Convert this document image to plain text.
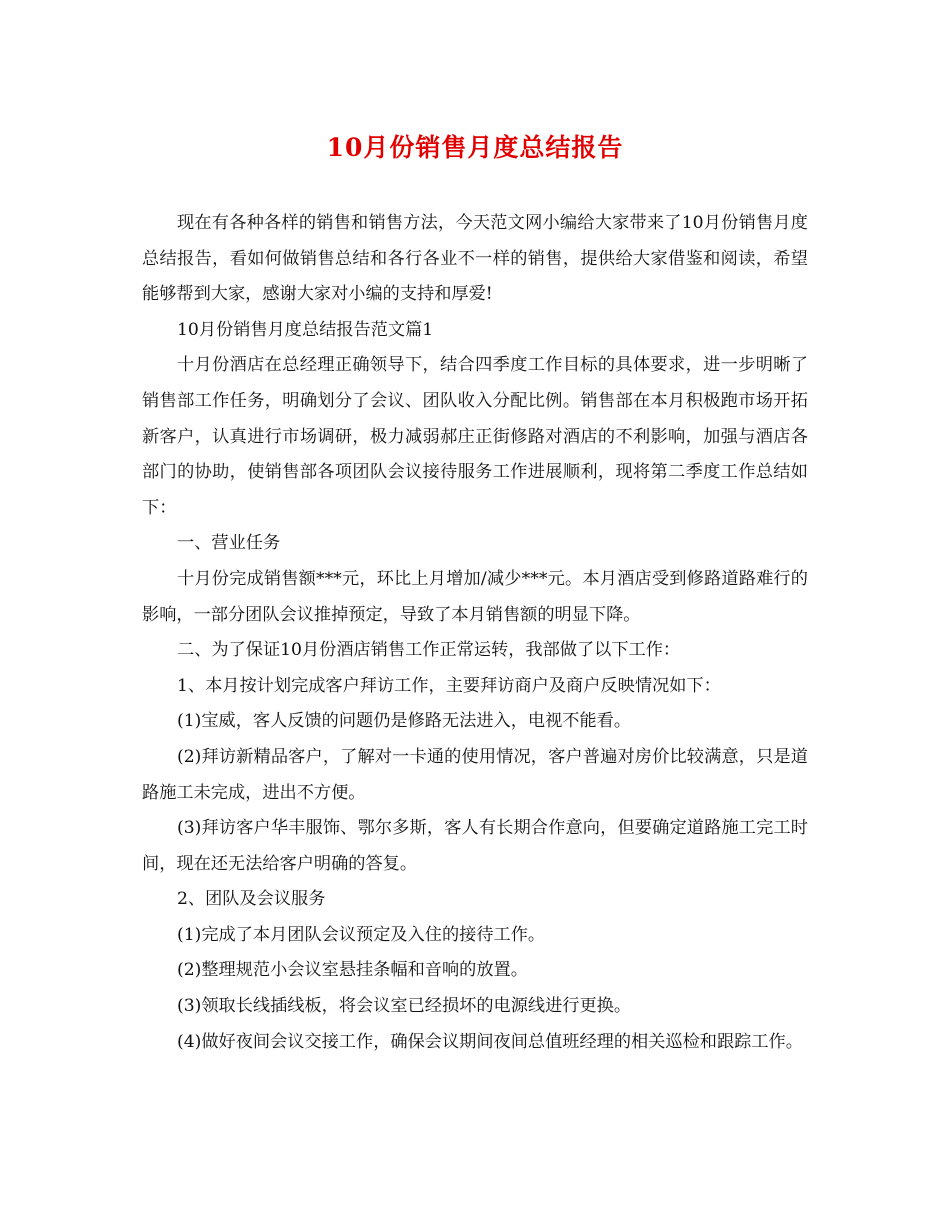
10月份销售月度总结报告

现在有各种各样的销售和销售方法，今天范文网小编给大家带来了10月份销售月度总结报告，看如何做销售总结和各行各业不一样的销售，提供给大家借鉴和阅读，希望能够帮到大家，感谢大家对小编的支持和厚爱!

10月份销售月度总结报告范文篇1

十月份酒店在总经理正确领导下，结合四季度工作目标的具体要求，进一步明晰了销售部工作任务，明确划分了会议、团队收入分配比例。销售部在本月积极跑市场开拓新客户，认真进行市场调研，极力减弱郝庄正街修路对酒店的不利影响，加强与酒店各部门的协助，使销售部各项团队会议接待服务工作进展顺利，现将第二季度工作总结如下：

一、营业任务

十月份完成销售额***元，环比上月增加/减少***元。本月酒店受到修路道路难行的影响，一部分团队会议推掉预定，导致了本月销售额的明显下降。

二、为了保证10月份酒店销售工作正常运转，我部做了以下工作：

1、本月按计划完成客户拜访工作，主要拜访商户及商户反映情况如下：

(1)宝威，客人反馈的问题仍是修路无法进入，电视不能看。

(2)拜访新精品客户，了解对一卡通的使用情况，客户普遍对房价比较满意，只是道路施工未完成，进出不方便。

(3)拜访客户华丰服饰、鄂尔多斯，客人有长期合作意向，但要确定道路施工完工时间，现在还无法给客户明确的答复。

2、团队及会议服务

(1)完成了本月团队会议预定及入住的接待工作。

(2)整理规范小会议室悬挂条幅和音响的放置。

(3)领取长线插线板，将会议室已经损坏的电源线进行更换。

(4)做好夜间会议交接工作，确保会议期间夜间总值班经理的相关巡检和跟踪工作。
